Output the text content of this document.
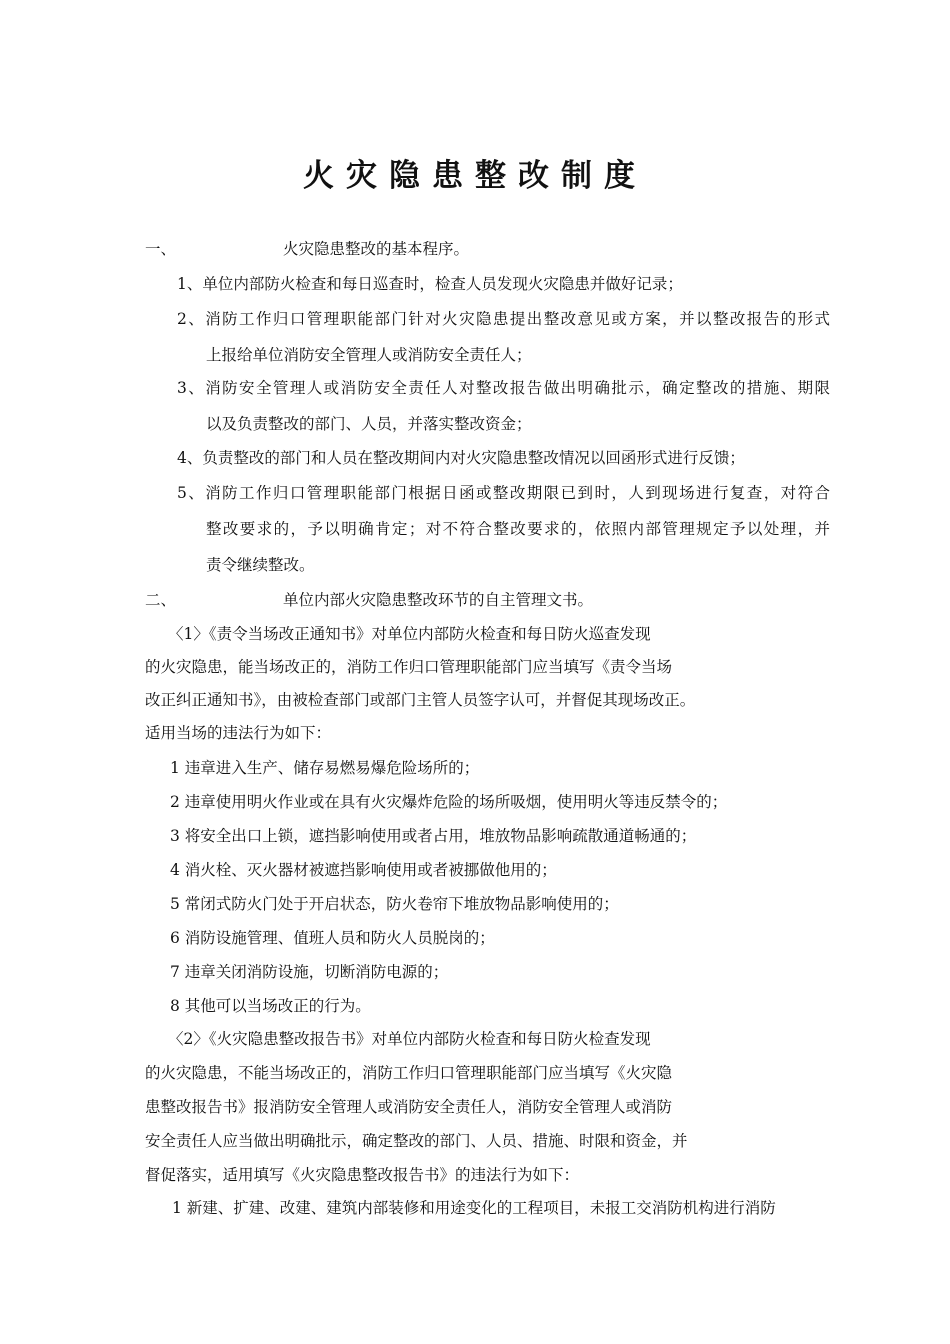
火灾隐患整改制度
一、	火灾隐患整改的基本程序。
1、单位内部防火检查和每日巡查时，检查人员发现火灾隐患并做好记录；
2、消防工作归口管理职能部门针对火灾隐患提出整改意见或方案，并以整改报告的形式
上报给单位消防安全管理人或消防安全责任人；
3、消防安全管理人或消防安全责任人对整改报告做出明确批示，确定整改的措施、期限
以及负责整改的部门、人员，并落实整改资金；
4、负责整改的部门和人员在整改期间内对火灾隐患整改情况以回函形式进行反馈；
5、消防工作归口管理职能部门根据日函或整改期限已到时，人到现场进行复查，对符合
整改要求的，予以明确肯定；对不符合整改要求的，依照内部管理规定予以处理，并
责令继续整改。
二、	单位内部火灾隐患整改环节的自主管理文书。
〈1〉《责令当场改正通知书》对单位内部防火检查和每日防火巡查发现
的火灾隐患，能当场改正的，消防工作归口管理职能部门应当填写《责令当场
改正纠正通知书》，由被检查部门或部门主管人员签字认可，并督促其现场改正。
适用当场的违法行为如下：
1 违章进入生产、储存易燃易爆危险场所的；
2 违章使用明火作业或在具有火灾爆炸危险的场所吸烟，使用明火等违反禁令的；
3 将安全出口上锁，遮挡影响使用或者占用，堆放物品影响疏散通道畅通的；
4 消火栓、灭火器材被遮挡影响使用或者被挪做他用的；
5 常闭式防火门处于开启状态，防火卷帘下堆放物品影响使用的；
6 消防设施管理、值班人员和防火人员脱岗的；
7 违章关闭消防设施，切断消防电源的；
8 其他可以当场改正的行为。
〈2〉《火灾隐患整改报告书》对单位内部防火检查和每日防火检查发现
的火灾隐患，不能当场改正的，消防工作归口管理职能部门应当填写《火灾隐
患整改报告书》报消防安全管理人或消防安全责任人，消防安全管理人或消防
安全责任人应当做出明确批示，确定整改的部门、人员、措施、时限和资金，并
督促落实，适用填写《火灾隐患整改报告书》的违法行为如下：
1 新建、扩建、改建、建筑内部装修和用途变化的工程项目，未报工交消防机构进行消防
